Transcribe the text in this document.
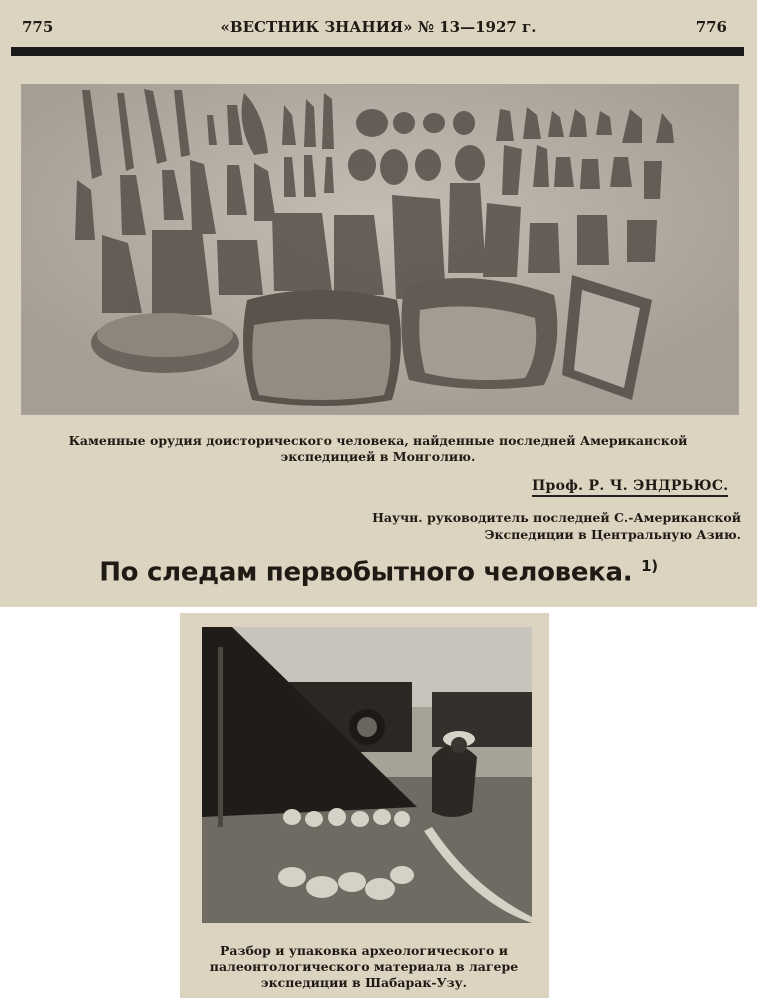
775	«ВЕСТНИК ЗНАНИЯ» № 13—1927 г.	776
Каменные орудия доисторического человека, найденные последней Американской экспедицией в Монголию.
Проф. Р. Ч. ЭНДРЬЮС.
Научн. руководитель последней С.-Американской
Экспедиции в Центральную Азию.
По следам первобытного человека. $^{1)}$
Разбор и упаковка археологического и палеонтологического материала в лагере экспедиции в Шабарак-Узу.
